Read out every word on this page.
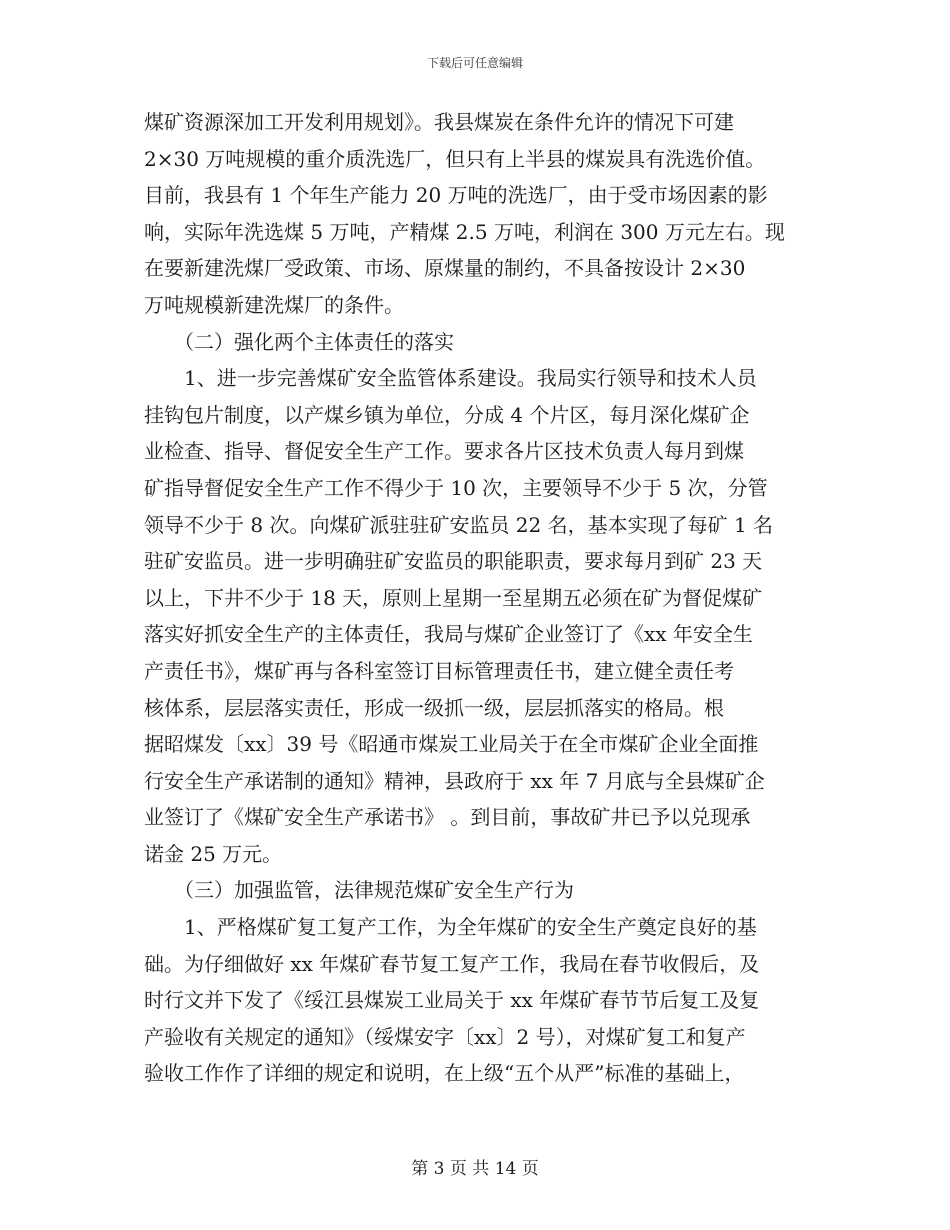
下载后可任意编辑
煤矿资源深加工开发利用规划》。我县煤炭在条件允许的情况下可建
2×30 万吨规模的重介质洗选厂，但只有上半县的煤炭具有洗选价值。
目前，我县有 1 个年生产能力 20 万吨的洗选厂，由于受市场因素的影
响，实际年洗选煤 5 万吨，产精煤 2.5 万吨，利润在 300 万元左右。现
在要新建洗煤厂受政策、市场、原煤量的制约，不具备按设计 2×30
万吨规模新建洗煤厂的条件。
　　（二）强化两个主体责任的落实
　　1、进一步完善煤矿安全监管体系建设。我局实行领导和技术人员
挂钩包片制度，以产煤乡镇为单位，分成 4 个片区，每月深化煤矿企
业检查、指导、督促安全生产工作。要求各片区技术负责人每月到煤
矿指导督促安全生产工作不得少于 10 次，主要领导不少于 5 次，分管
领导不少于 8 次。向煤矿派驻驻矿安监员 22 名，基本实现了每矿 1 名
驻矿安监员。进一步明确驻矿安监员的职能职责，要求每月到矿 23 天
以上，下井不少于 18 天，原则上星期一至星期五必须在矿为督促煤矿
落实好抓安全生产的主体责任，我局与煤矿企业签订了《xx 年安全生
产责任书》，煤矿再与各科室签订目标管理责任书，建立健全责任考
核体系，层层落实责任，形成一级抓一级，层层抓落实的格局。根
据昭煤发〔xx〕39 号《昭通市煤炭工业局关于在全市煤矿企业全面推
行安全生产承诺制的通知》精神，县政府于 xx 年 7 月底与全县煤矿企
业签订了《煤矿安全生产承诺书》 。到目前，事故矿井已予以兑现承
诺金 25 万元。
　　（三）加强监管，法律规范煤矿安全生产行为
　　1、严格煤矿复工复产工作，为全年煤矿的安全生产奠定良好的基
础。为仔细做好 xx 年煤矿春节复工复产工作，我局在春节收假后，及
时行文并下发了《绥江县煤炭工业局关于 xx 年煤矿春节节后复工及复
产验收有关规定的通知》（绥煤安字〔xx〕2 号），对煤矿复工和复产
验收工作作了详细的规定和说明，在上级“五个从严”标准的基础上，
第 3 页 共 14 页
